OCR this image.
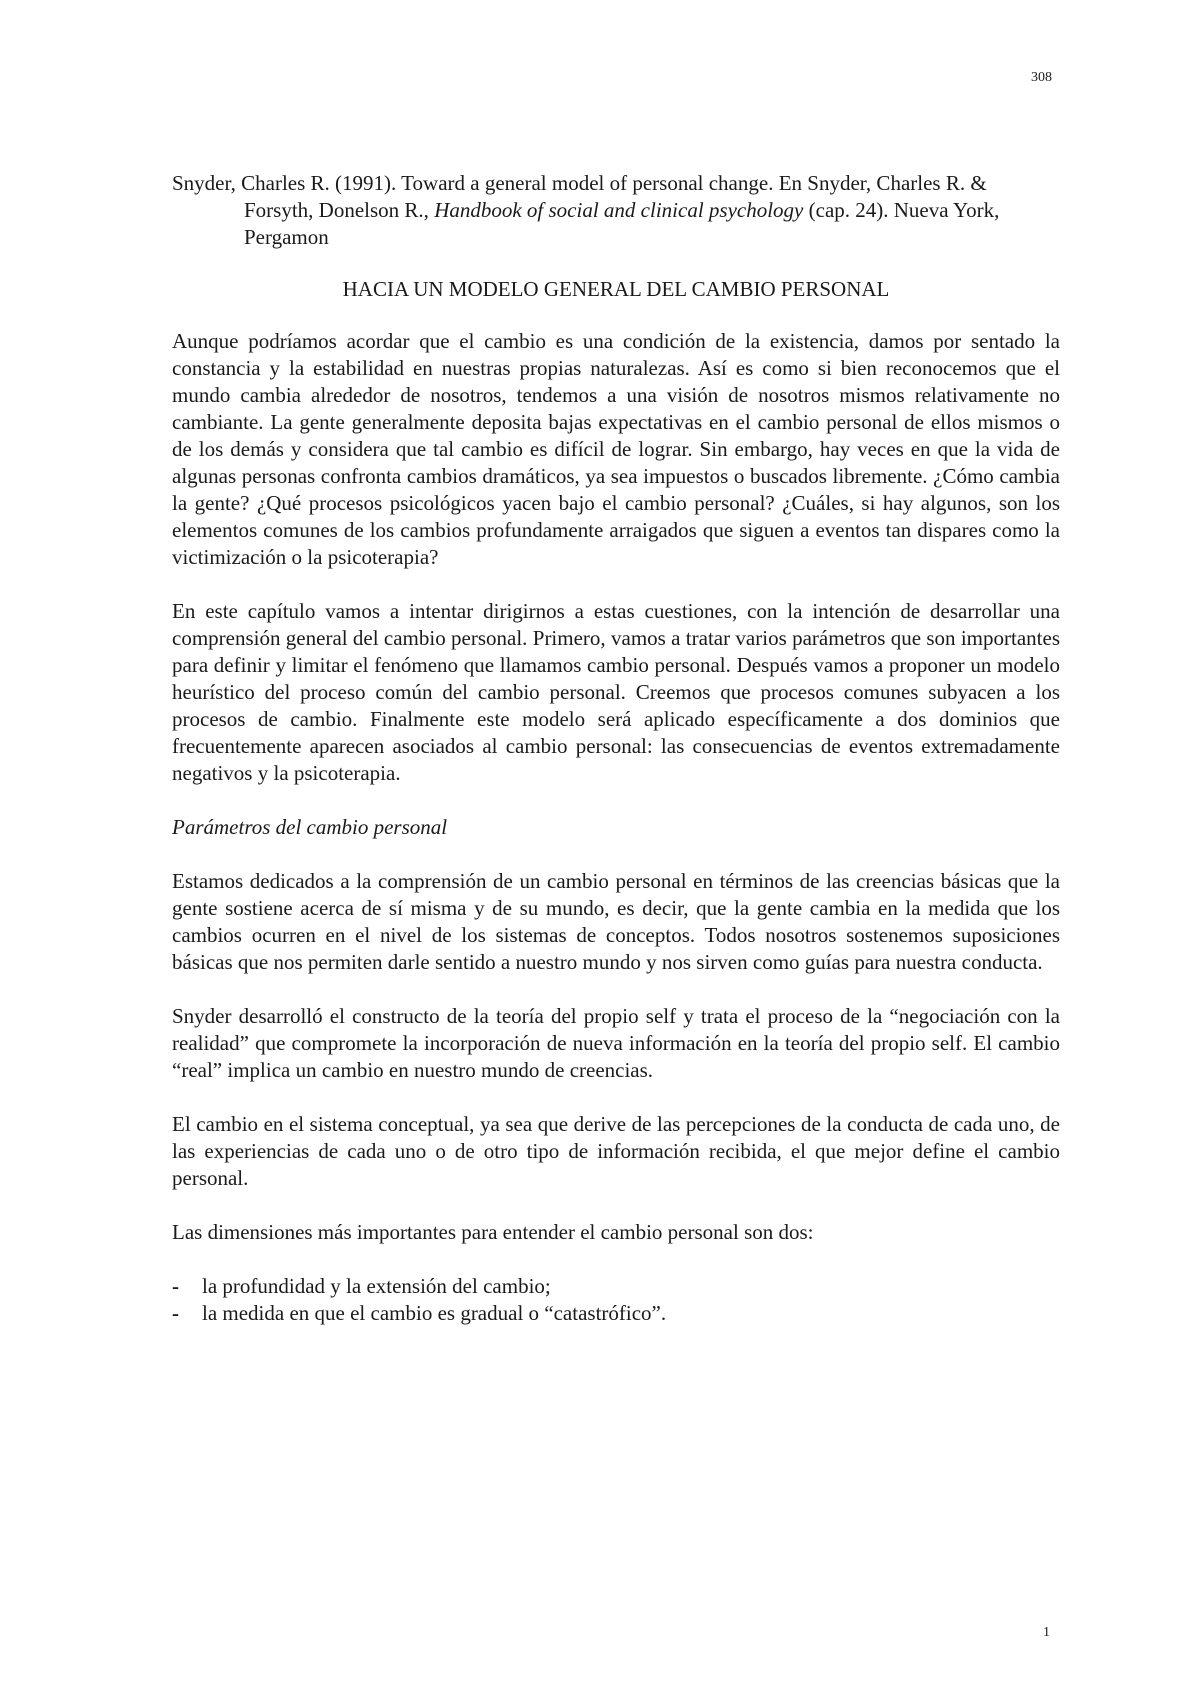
308

Snyder, Charles R. (1991). Toward a general model of personal change. En Snyder, Charles R. & Forsyth, Donelson R., Handbook of social and clinical psychology (cap. 24). Nueva York, Pergamon

HACIA UN MODELO GENERAL DEL CAMBIO PERSONAL

Aunque podríamos acordar que el cambio es una condición de la existencia, damos por sentado la constancia y la estabilidad en nuestras propias naturalezas. Así es como si bien reconocemos que el mundo cambia alrededor de nosotros, tendemos a una visión de nosotros mismos relativamente no cambiante. La gente generalmente deposita bajas expectativas en el cambio personal de ellos mismos o de los demás y considera que tal cambio es difícil de lograr. Sin embargo, hay veces en que la vida de algunas personas confronta cambios dramáticos, ya sea impuestos o buscados libremente. ¿Cómo cambia la gente? ¿Qué procesos psicológicos yacen bajo el cambio personal? ¿Cuáles, si hay algunos, son los elementos comunes de los cambios profundamente arraigados que siguen a eventos tan dispares como la victimización o la psicoterapia?

En este capítulo vamos a intentar dirigirnos a estas cuestiones, con la intención de desarrollar una comprensión general del cambio personal. Primero, vamos a tratar varios parámetros que son importantes para definir y limitar el fenómeno que llamamos cambio personal. Después vamos a proponer un modelo heurístico del proceso común del cambio personal. Creemos que procesos comunes subyacen a los procesos de cambio. Finalmente este modelo será aplicado específicamente a dos dominios que frecuentemente aparecen asociados al cambio personal: las consecuencias de eventos extremadamente negativos y la psicoterapia.

Parámetros del cambio personal

Estamos dedicados a la comprensión de un cambio personal en términos de las creencias básicas que la gente sostiene acerca de sí misma y de su mundo, es decir, que la gente cambia en la medida que los cambios ocurren en el nivel de los sistemas de conceptos. Todos nosotros sostenemos suposiciones básicas que nos permiten darle sentido a nuestro mundo y nos sirven como guías para nuestra conducta.

Snyder desarrolló el constructo de la teoría del propio self y trata el proceso de la “negociación con la realidad” que compromete la incorporación de nueva información en la teoría del propio self. El cambio “real” implica un cambio en nuestro mundo de creencias.

El cambio en el sistema conceptual, ya sea que derive de las percepciones de la conducta de cada uno, de las experiencias de cada uno o de otro tipo de información recibida, el que mejor define el cambio personal.

Las dimensiones más importantes para entender el cambio personal son dos:

- la profundidad y la extensión del cambio;
- la medida en que el cambio es gradual o “catastrófico”.
1
